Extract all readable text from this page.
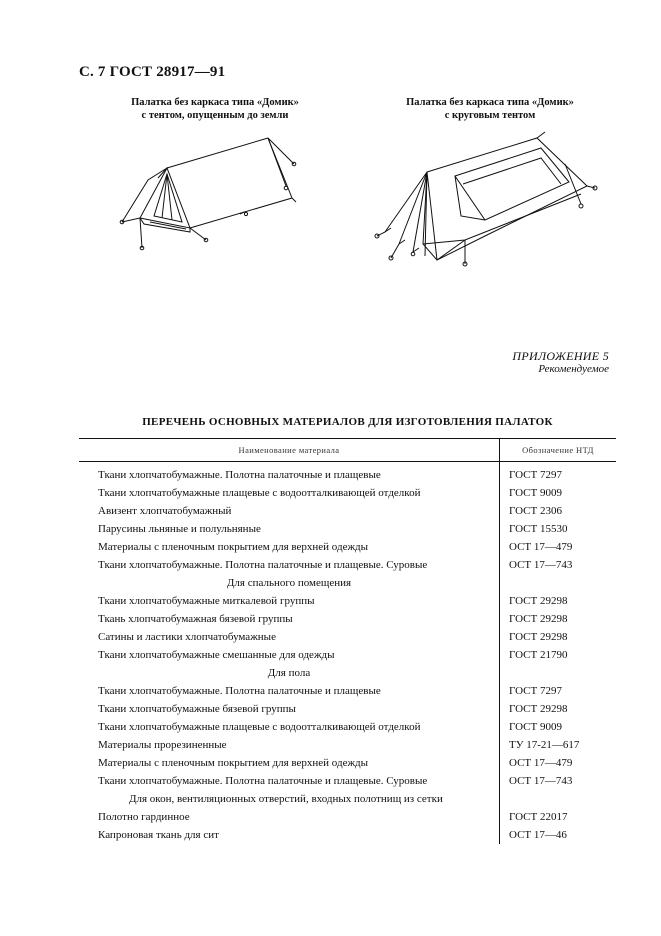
С. 7 ГОСТ 28917—91
Палатка без каркаса типа «Домик»
с тентом, опущенным до земли
Палатка без каркаса типа «Домик»
с круговым тентом
ПРИЛОЖЕНИЕ 5
Рекомендуемое
ПЕРЕЧЕНЬ ОСНОВНЫХ МАТЕРИАЛОВ ДЛЯ ИЗГОТОВЛЕНИЯ ПАЛАТОК
Наименование материала	Обозначение НТД

Ткани хлопчатобумажные. Полотна палаточные и плащевые	ГОСТ 7297
Ткани хлопчатобумажные плащевые с водоотталкивающей отделкой	ГОСТ 9009
Авизент хлопчатобумажный	ГОСТ 2306
Парусины льняные и полульняные	ГОСТ 15530
Материалы с пленочным покрытием для верхней одежды	ОСТ 17—479
Ткани хлопчатобумажные. Полотна палаточные и плащевые. Суровые	ОСТ 17—743
Для спального помещения	
Ткани хлопчатобумажные миткалевой группы	ГОСТ 29298
Ткань хлопчатобумажная бязевой группы	ГОСТ 29298
Сатины и ластики хлопчатобумажные	ГОСТ 29298
Ткани хлопчатобумажные смешанные для одежды	ГОСТ 21790
Для пола	
Ткани хлопчатобумажные. Полотна палаточные и плащевые	ГОСТ 7297
Ткани хлопчатобумажные бязевой группы	ГОСТ 29298
Ткани хлопчатобумажные плащевые с водоотталкивающей отделкой	ГОСТ 9009
Материалы прорезиненные	ТУ 17-21—617
Материалы с пленочным покрытием для верхней одежды	ОСТ 17—479
Ткани хлопчатобумажные. Полотна палаточные и плащевые. Суровые	ОСТ 17—743
Для окон, вентиляционных отверстий, входных полотнищ из сетки	
Полотно гардинное	ГОСТ 22017
Капроновая ткань для сит	ОСТ 17—46
